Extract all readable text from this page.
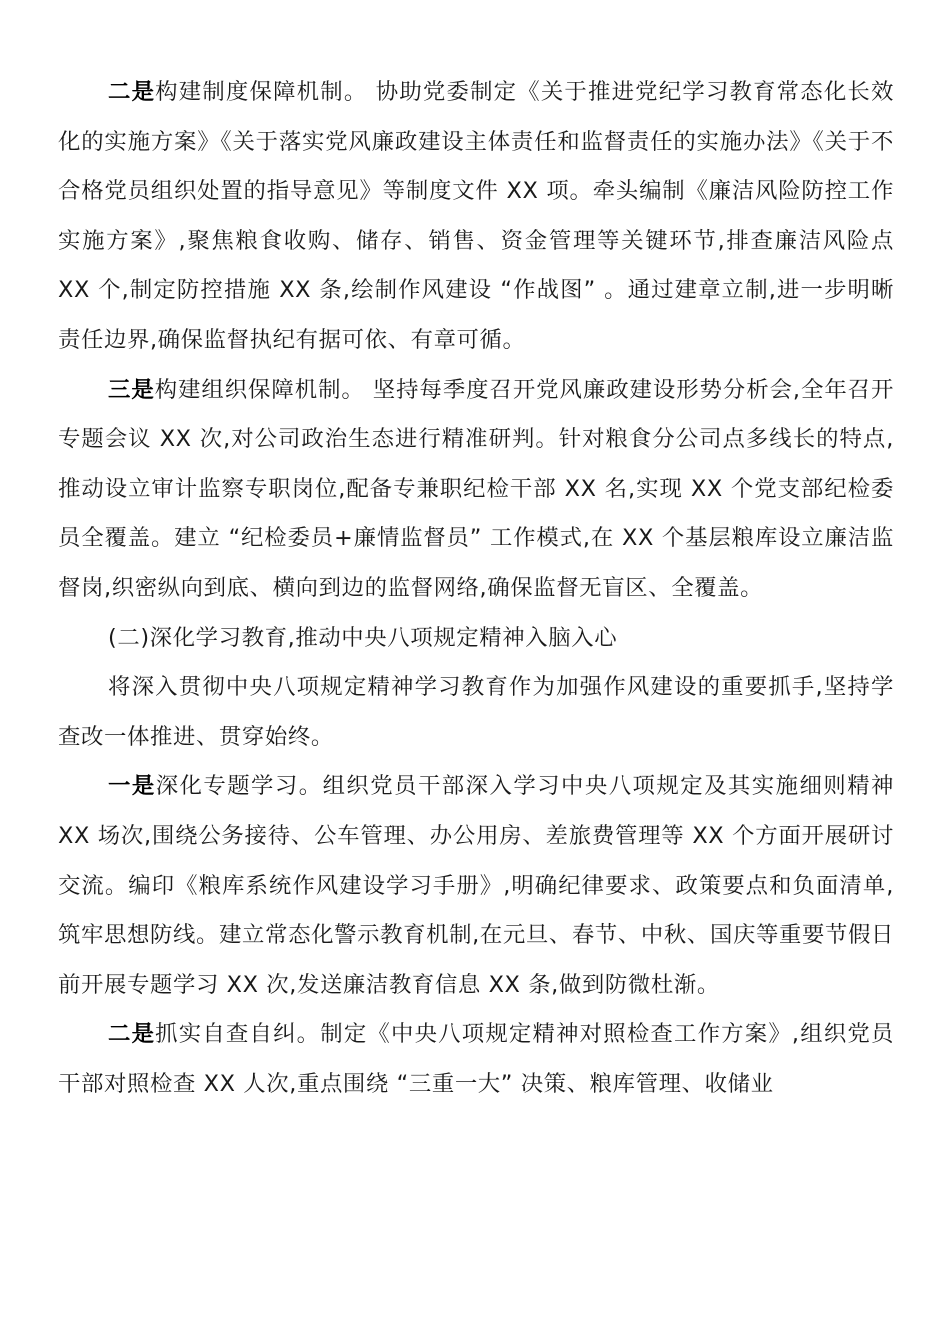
二是构建制度保障机制。 协助党委制定《关于推进党纪学习教育常态化长效化的实施方案》《关于落实党风廉政建设主体责任和监督责任的实施办法》《关于不合格党员组织处置的指导意见》等制度文件 XX 项。牵头编制《廉洁风险防控工作实施方案》,聚焦粮食收购、储存、销售、资金管理等关键环节,排查廉洁风险点 XX 个,制定防控措施 XX 条,绘制作风建设 “作战图” 。通过建章立制,进一步明晰责任边界,确保监督执纪有据可依、有章可循。

三是构建组织保障机制。 坚持每季度召开党风廉政建设形势分析会,全年召开专题会议 XX 次,对公司政治生态进行精准研判。针对粮食分公司点多线长的特点,推动设立审计监察专职岗位,配备专兼职纪检干部 XX 名,实现 XX 个党支部纪检委员全覆盖。建立 “纪检委员+廉情监督员” 工作模式,在 XX 个基层粮库设立廉洁监督岗,织密纵向到底、横向到边的监督网络,确保监督无盲区、全覆盖。

(二)深化学习教育,推动中央八项规定精神入脑入心

将深入贯彻中央八项规定精神学习教育作为加强作风建设的重要抓手,坚持学查改一体推进、贯穿始终。

一是深化专题学习。组织党员干部深入学习中央八项规定及其实施细则精神 XX 场次,围绕公务接待、公车管理、办公用房、差旅费管理等 XX 个方面开展研讨交流。编印《粮库系统作风建设学习手册》,明确纪律要求、政策要点和负面清单,筑牢思想防线。建立常态化警示教育机制,在元旦、春节、中秋、国庆等重要节假日前开展专题学习 XX 次,发送廉洁教育信息 XX 条,做到防微杜渐。

二是抓实自查自纠。制定《中央八项规定精神对照检查工作方案》,组织党员干部对照检查 XX 人次,重点围绕 “三重一大” 决策、粮库管理、收储业
